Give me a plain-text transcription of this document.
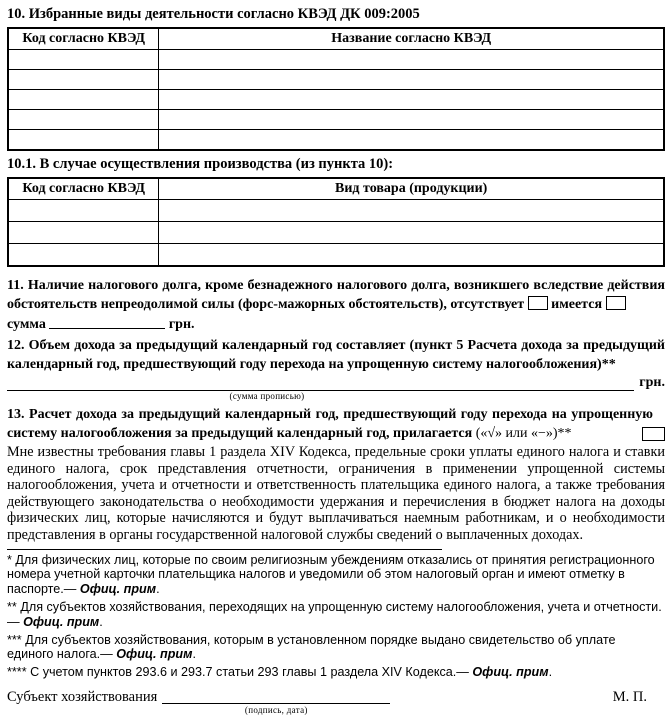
10. Избранные виды деятельности согласно КВЭД ДК 009:2005
Код согласно КВЭД	Название согласно КВЭД

10.1. В случае осуществления производства (из пункта 10):
Код согласно КВЭД	Вид товара (продукции)

11. Наличие налогового долга, кроме безнадежного налогового долга, возникшего вследствие действия обстоятельств непреодолимой силы (форс-мажорных обстоятельств), отсутствует имеется

сумма	грн.

12. Объем дохода за предыдущий календарный год составляет (пункт 5 Расчета дохода за предыдущий календарный год, предшествующий году перехода на упрощенную систему налогообложения)**

грн.
(сумма прописью)

13. Расчет дохода за предыдущий календарный год, предшествующий году перехода на упрощенную систему налогообложения за предыдущий календарный год, прилагается («√» или «−»)**

Мне известны требования главы 1 раздела XIV Кодекса, предельные сроки уплаты единого налога и ставки единого налога, срок представления отчетности, ограничения в применении упрощенной системы налогообложения, учета и отчетности и ответственность плательщика единого налога, а также требования действующего законодательства о необходимости удержания и перечисления в бюджет налога на доходы физических лиц, которые начисляются и будут выплачиваться наемным работникам, и о необходимости представления в органы государственной налоговой службы сведений о выплаченных доходах.

* Для физических лиц, которые по своим религиозным убеждениям отказались от принятия регистрационного номера учетной карточки плательщика налогов и уведомили об этом налоговый орган и имеют отметку в паспорте.— Офиц. прим.

** Для субъектов хозяйствования, переходящих на упрощенную систему налогообложения, учета и отчетности.— Офиц. прим.

*** Для субъектов хозяйствования, которым в установленном порядке выдано свидетельство об уплате единого налога.— Офиц. прим.

**** С учетом пунктов 293.6 и 293.7 статьи 293 главы 1 раздела XIV Кодекса.— Офиц. прим.

Субъект хозяйствования
(подпись, дата)
М. П.
